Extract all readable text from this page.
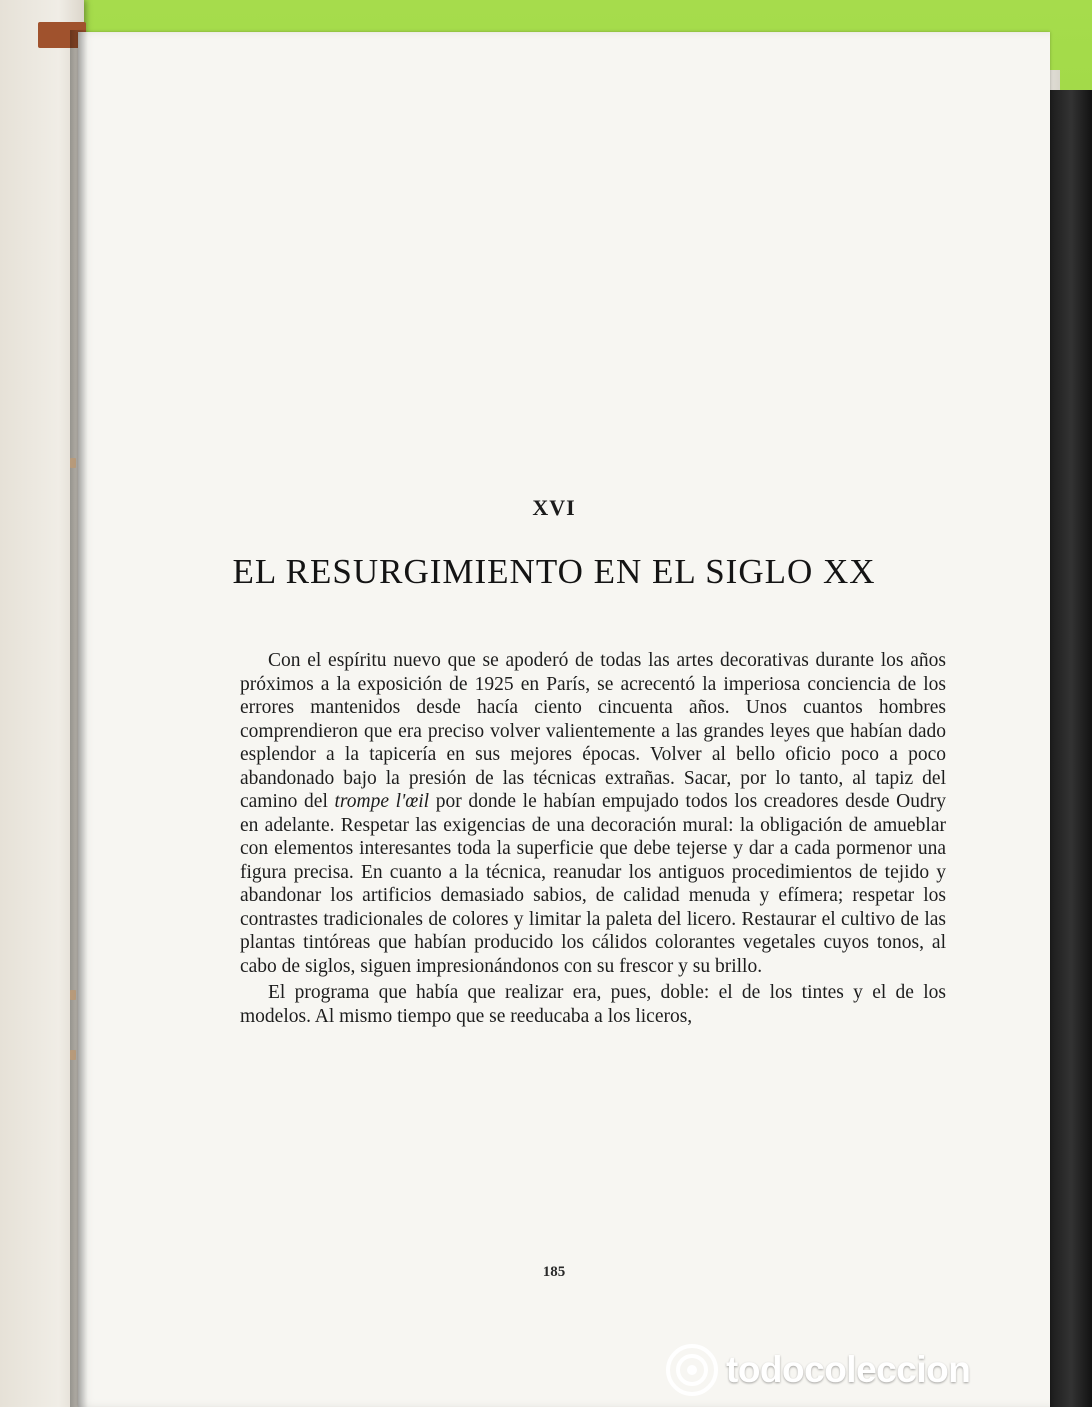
XVI
EL RESURGIMIENTO EN EL SIGLO XX

Con el espíritu nuevo que se apoderó de todas las artes decorativas durante los años próximos a la exposición de 1925 en París, se acrecentó la imperiosa conciencia de los errores mantenidos desde hacía ciento cincuenta años. Unos cuantos hombres comprendieron que era preciso volver valientemente a las grandes leyes que habían dado esplendor a la tapicería en sus mejores épocas. Volver al bello oficio poco a poco abandonado bajo la presión de las técnicas extrañas. Sacar, por lo tanto, al tapiz del camino del trompe l'œil por donde le habían empujado todos los creadores desde Oudry en adelante. Respetar las exigencias de una decoración mural: la obligación de amueblar con elementos interesantes toda la superficie que debe tejerse y dar a cada pormenor una figura precisa. En cuanto a la técnica, reanudar los antiguos procedimientos de tejido y abandonar los artificios demasiado sabios, de calidad menuda y efímera; respetar los contrastes tradicionales de colores y limitar la paleta del licero. Restaurar el cultivo de las plantas tintóreas que habían producido los cálidos colorantes vegetales cuyos tonos, al cabo de siglos, siguen impresionándonos con su frescor y su brillo.

El programa que había que realizar era, pues, doble: el de los tintes y el de los modelos. Al mismo tiempo que se reeducaba a los liceros,

185
todocoleccion
